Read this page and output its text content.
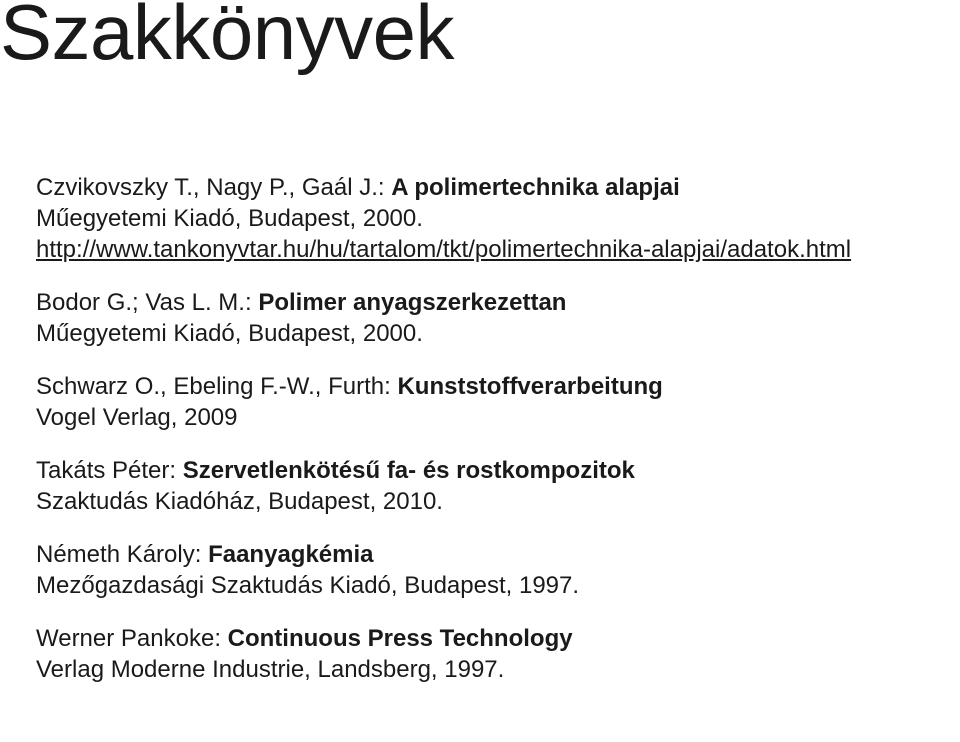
Szakkönyvek
Czvikovszky T., Nagy P., Gaál J.: A polimertechnika alapjai
Műegyetemi Kiadó, Budapest, 2000.
http://www.tankonyvtar.hu/hu/tartalom/tkt/polimertechnika-alapjai/adatok.html
Bodor G.; Vas L. M.: Polimer anyagszerkezettan
Műegyetemi Kiadó, Budapest, 2000.
Schwarz O., Ebeling F.-W., Furth: Kunststoffverarbeitung
Vogel Verlag, 2009
Takáts Péter: Szervetlenkötésű fa- és rostkompozitok
Szaktudás Kiadóház, Budapest, 2010.
Németh Károly: Faanyagkémia
Mezőgazdasági Szaktudás Kiadó, Budapest, 1997.
Werner Pankoke: Continuous Press Technology
Verlag Moderne Industrie, Landsberg, 1997.
